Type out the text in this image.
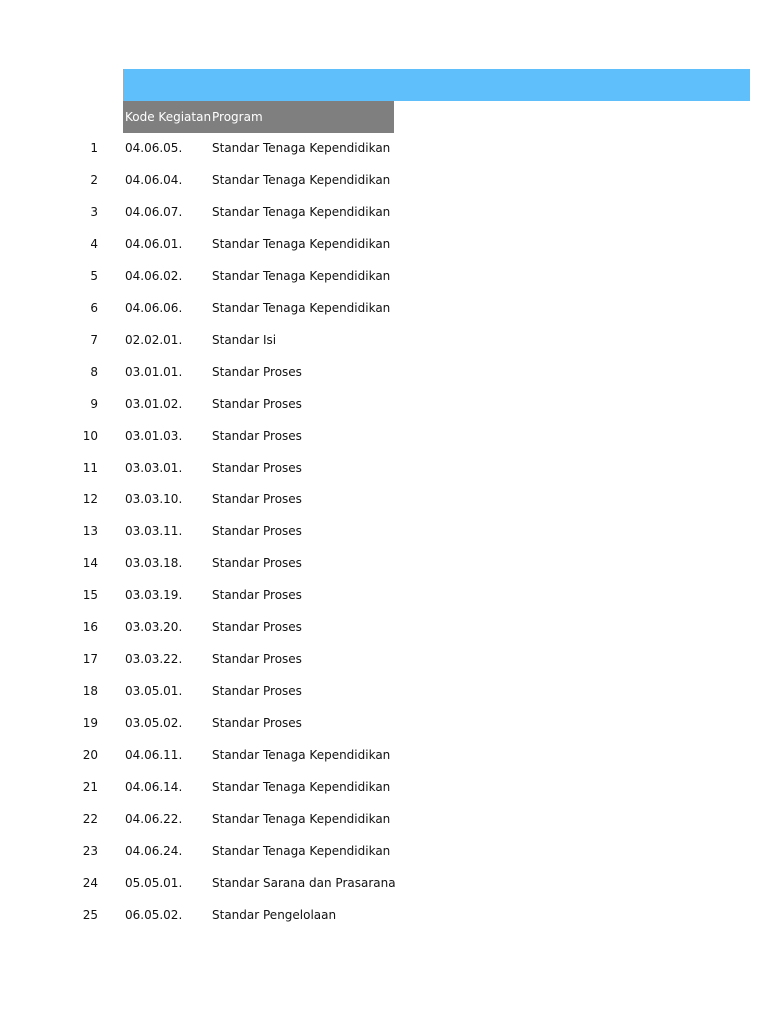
Kode Kegiatan Program
1 04.06.05. Standar Tenaga Kependidikan
2 04.06.04. Standar Tenaga Kependidikan
3 04.06.07. Standar Tenaga Kependidikan
4 04.06.01. Standar Tenaga Kependidikan
5 04.06.02. Standar Tenaga Kependidikan
6 04.06.06. Standar Tenaga Kependidikan
7 02.02.01. Standar Isi
8 03.01.01. Standar Proses
9 03.01.02. Standar Proses
10 03.01.03. Standar Proses
11 03.03.01. Standar Proses
12 03.03.10. Standar Proses
13 03.03.11. Standar Proses
14 03.03.18. Standar Proses
15 03.03.19. Standar Proses
16 03.03.20. Standar Proses
17 03.03.22. Standar Proses
18 03.05.01. Standar Proses
19 03.05.02. Standar Proses
20 04.06.11. Standar Tenaga Kependidikan
21 04.06.14. Standar Tenaga Kependidikan
22 04.06.22. Standar Tenaga Kependidikan
23 04.06.24. Standar Tenaga Kependidikan
24 05.05.01. Standar Sarana dan Prasarana
25 06.05.02. Standar Pengelolaan
